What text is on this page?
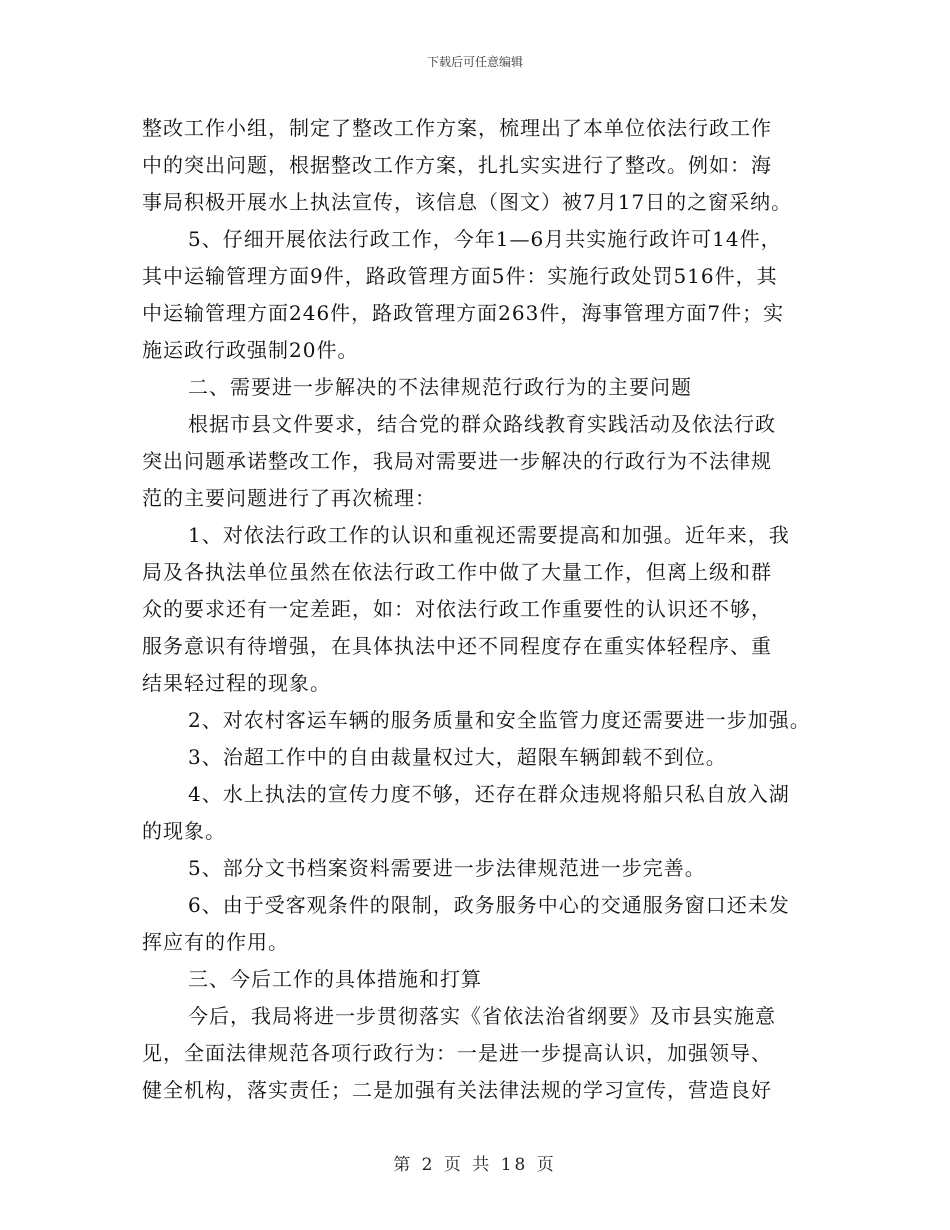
下载后可任意编辑
整改工作小组，制定了整改工作方案，梳理出了本单位依法行政工作
中的突出问题，根据整改工作方案，扎扎实实进行了整改。例如：海
事局积极开展水上执法宣传，该信息（图文）被7月17日的之窗采纳。
5、仔细开展依法行政工作，今年1—6月共实施行政许可14件，
其中运输管理方面9件，路政管理方面5件：实施行政处罚516件，其
中运输管理方面246件，路政管理方面263件，海事管理方面7件；实
施运政行政强制20件。
二、需要进一步解决的不法律规范行政行为的主要问题
根据市县文件要求，结合党的群众路线教育实践活动及依法行政
突出问题承诺整改工作，我局对需要进一步解决的行政行为不法律规
范的主要问题进行了再次梳理：
1、对依法行政工作的认识和重视还需要提高和加强。近年来，我
局及各执法单位虽然在依法行政工作中做了大量工作，但离上级和群
众的要求还有一定差距，如：对依法行政工作重要性的认识还不够，
服务意识有待增强，在具体执法中还不同程度存在重实体轻程序、重
结果轻过程的现象。
2、对农村客运车辆的服务质量和安全监管力度还需要进一步加强。
3、治超工作中的自由裁量权过大，超限车辆卸载不到位。
4、水上执法的宣传力度不够，还存在群众违规将船只私自放入湖
的现象。
5、部分文书档案资料需要进一步法律规范进一步完善。
6、由于受客观条件的限制，政务服务中心的交通服务窗口还未发
挥应有的作用。
三、今后工作的具体措施和打算
今后，我局将进一步贯彻落实《省依法治省纲要》及市县实施意
见，全面法律规范各项行政行为：一是进一步提高认识，加强领导、
健全机构，落实责任；二是加强有关法律法规的学习宣传，营造良好
第 2 页 共 18 页
